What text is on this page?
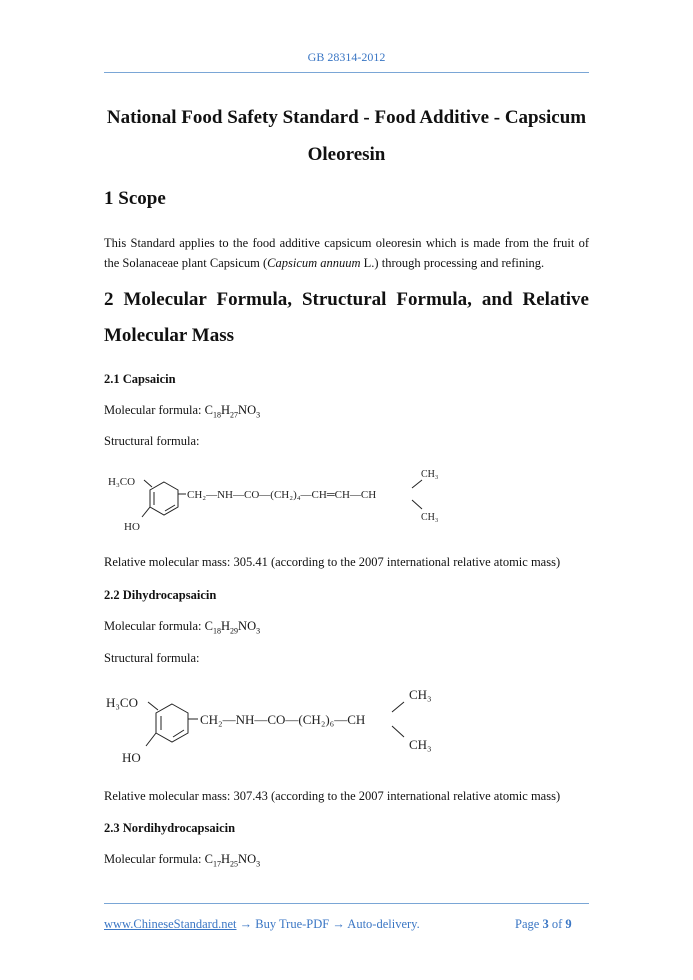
GB 28314-2012
National Food Safety Standard - Food Additive - Capsicum Oleoresin
1 Scope
This Standard applies to the food additive capsicum oleoresin which is made from the fruit of the Solanaceae plant Capsicum (Capsicum annuum L.) through processing and refining.
2 Molecular Formula, Structural Formula, and Relative
Molecular Mass
2.1 Capsaicin
Molecular formula: $C_{18}H_{27}NO_3$
Structural formula:
H₃CO
HO
CH₂—NH—CO—(CH₂)₄—CH═CH—CH
CH₃
CH₃
Relative molecular mass: 305.41 (according to the 2007 international relative atomic mass)
2.2 Dihydrocapsaicin
Molecular formula: $C_{18}H_{29}NO_3$
Structural formula:
H₃CO
HO
CH₂—NH—CO—(CH₂)₆—CH
CH₃
CH₃
Relative molecular mass: 307.43 (according to the 2007 international relative atomic mass)
2.3 Nordihydrocapsaicin
Molecular formula: $C_{17}H_{25}NO_3$
www.ChineseStandard.net → Buy True-PDF → Auto-delivery.	Page 3 of 9
